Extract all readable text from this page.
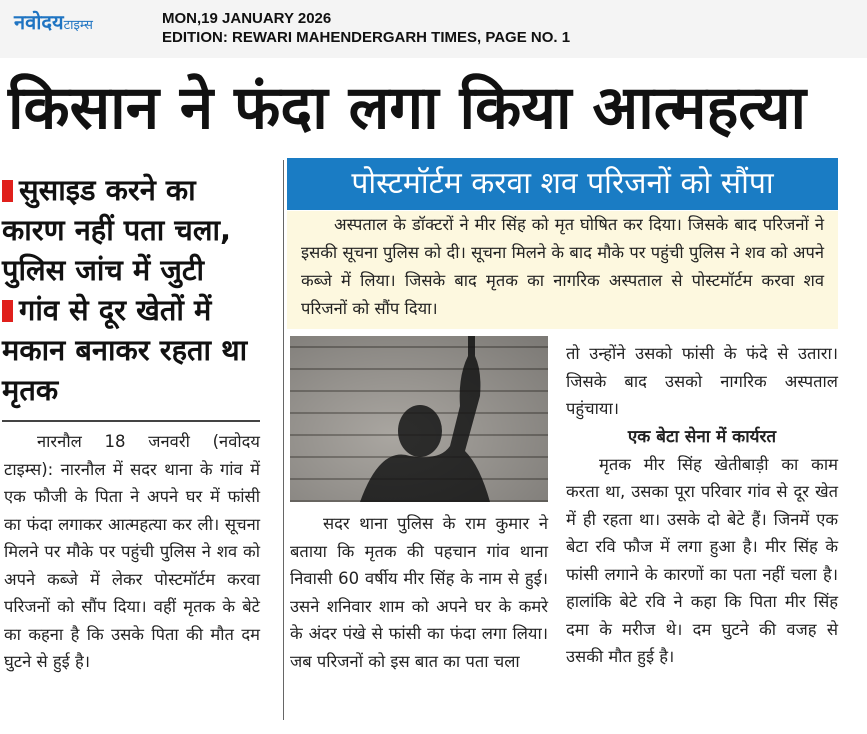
नवोदयटाइम्स	MON,19 JANUARY 2026
EDITION: REWARI MAHENDERGARH TIMES, PAGE NO. 1
किसान ने फंदा लगा किया आत्महत्या
सुसाइड करने का कारण नहीं पता चला, पुलिस जांच में जुटी
गांव से दूर खेतों में मकान बनाकर रहता था मृतक

नारनौल 18 जनवरी (नवोदय टाइम्स): नारनौल में सदर थाना के गांव में एक फौजी के पिता ने अपने घर में फांसी का फंदा लगाकर आत्महत्या कर ली। सूचना मिलने पर मौके पर पहुंची पुलिस ने शव को अपने कब्जे में लेकर पोस्टमॉर्टम करवा परिजनों को सौंप दिया। वहीं मृतक के बेटे का कहना है कि उसके पिता की मौत दम घुटने से हुई है।

पोस्टमॉर्टम करवा शव परिजनों को सौंपा

अस्पताल के डॉक्टरों ने मीर सिंह को मृत घोषित कर दिया। जिसके बाद परिजनों ने इसकी सूचना पुलिस को दी। सूचना मिलने के बाद मौके पर पहुंची पुलिस ने शव को अपने कब्जे में लिया। जिसके बाद मृतक का नागरिक अस्पताल से पोस्टमॉर्टम करवा शव परिजनों को सौंप दिया।

सदर थाना पुलिस के राम कुमार ने बताया कि मृतक की पहचान गांव थाना निवासी 60 वर्षीय मीर सिंह के नाम से हुई। उसने शनिवार शाम को अपने घर के कमरे के अंदर पंखे से फांसी का फंदा लगा लिया। जब परिजनों को इस बात का पता चला

तो उन्होंने उसको फांसी के फंदे से उतारा। जिसके बाद उसको नागरिक अस्पताल पहुंचाया।

एक बेटा सेना में कार्यरत

मृतक मीर सिंह खेतीबाड़ी का काम करता था, उसका पूरा परिवार गांव से दूर खेत में ही रहता था। उसके दो बेटे हैं। जिनमें एक बेटा रवि फौज में लगा हुआ है। मीर सिंह के फांसी लगाने के कारणों का पता नहीं चला है। हालांकि बेटे रवि ने कहा कि पिता मीर सिंह दमा के मरीज थे। दम घुटने की वजह से उसकी मौत हुई है।
